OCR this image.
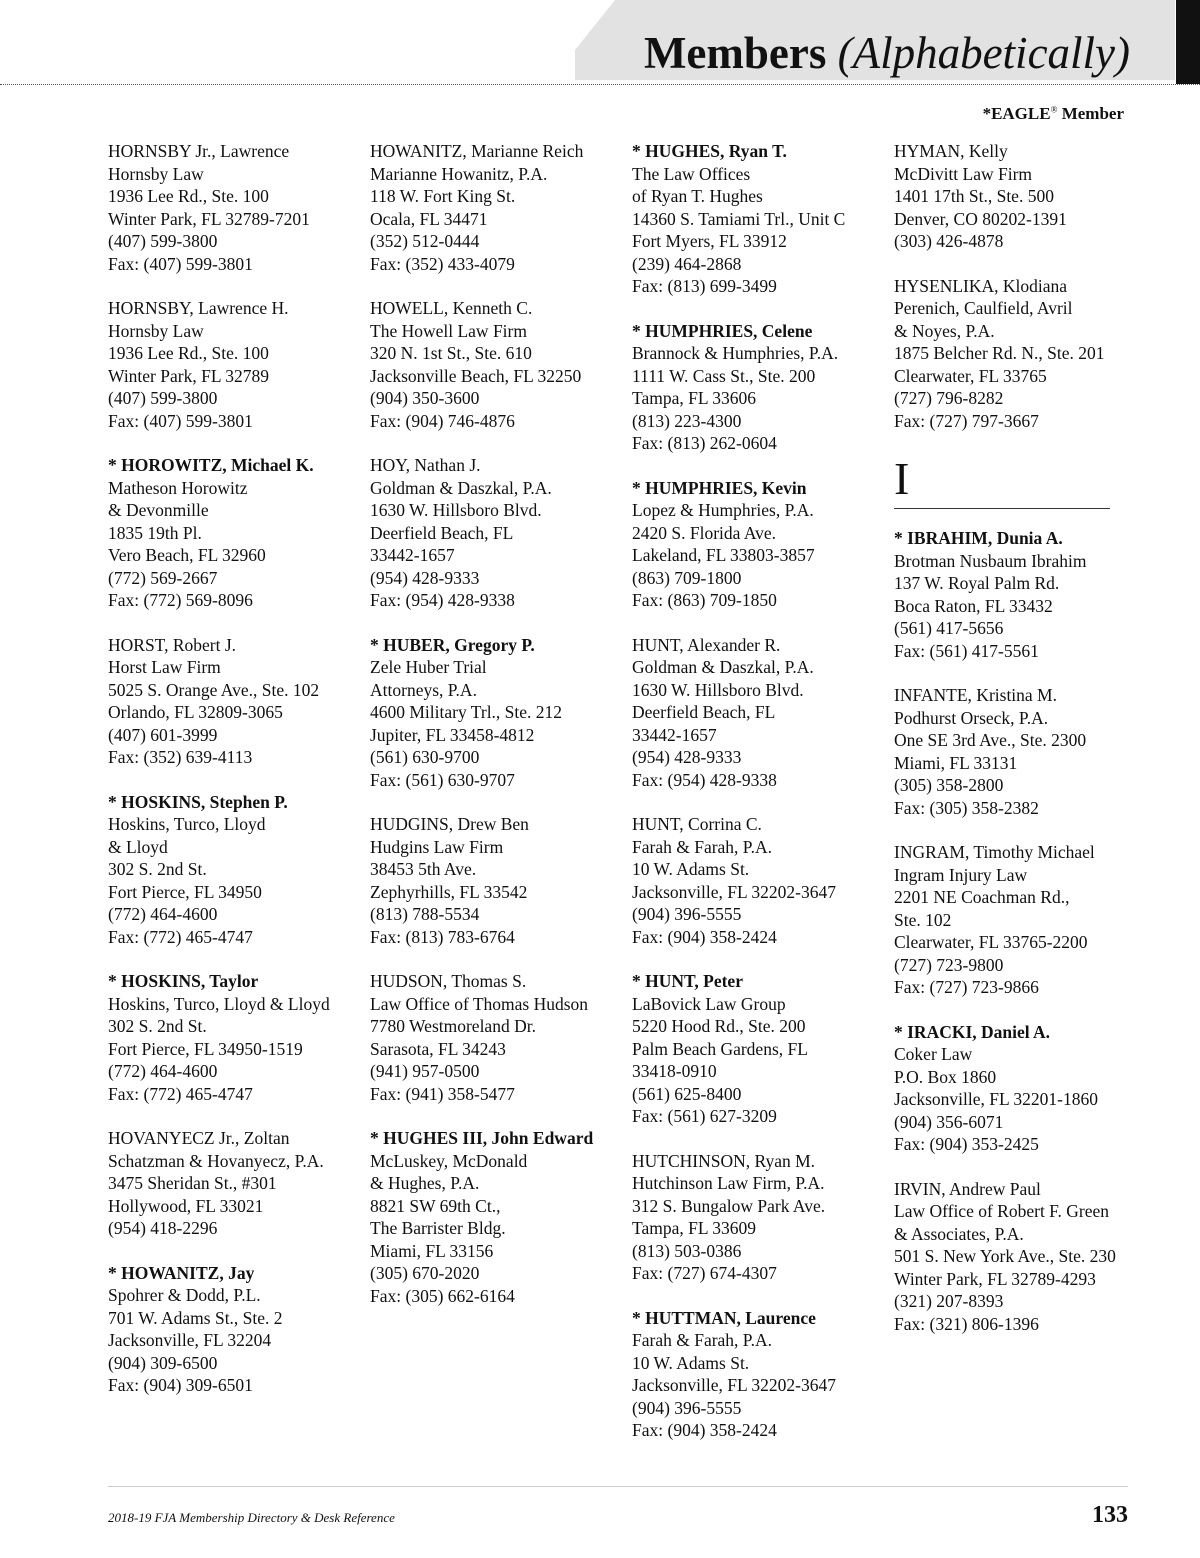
Members (Alphabetically)
*EAGLE® Member
HORNSBY Jr., Lawrence
Hornsby Law
1936 Lee Rd., Ste. 100
Winter Park, FL 32789-7201
(407) 599-3800
Fax: (407) 599-3801
HORNSBY, Lawrence H.
Hornsby Law
1936 Lee Rd., Ste. 100
Winter Park, FL 32789
(407) 599-3800
Fax: (407) 599-3801
* HOROWITZ, Michael K.
Matheson Horowitz
& Devonmille
1835 19th Pl.
Vero Beach, FL 32960
(772) 569-2667
Fax: (772) 569-8096
HORST, Robert J.
Horst Law Firm
5025 S. Orange Ave., Ste. 102
Orlando, FL 32809-3065
(407) 601-3999
Fax: (352) 639-4113
* HOSKINS, Stephen P.
Hoskins, Turco, Lloyd
& Lloyd
302 S. 2nd St.
Fort Pierce, FL 34950
(772) 464-4600
Fax: (772) 465-4747
* HOSKINS, Taylor
Hoskins, Turco, Lloyd & Lloyd
302 S. 2nd St.
Fort Pierce, FL 34950-1519
(772) 464-4600
Fax: (772) 465-4747
HOVANYECZ Jr., Zoltan
Schatzman & Hovanyecz, P.A.
3475 Sheridan St., #301
Hollywood, FL 33021
(954) 418-2296
* HOWANITZ, Jay
Spohrer & Dodd, P.L.
701 W. Adams St., Ste. 2
Jacksonville, FL 32204
(904) 309-6500
Fax: (904) 309-6501
HOWANITZ, Marianne Reich
Marianne Howanitz, P.A.
118 W. Fort King St.
Ocala, FL 34471
(352) 512-0444
Fax: (352) 433-4079
HOWELL, Kenneth C.
The Howell Law Firm
320 N. 1st St., Ste. 610
Jacksonville Beach, FL 32250
(904) 350-3600
Fax: (904) 746-4876
HOY, Nathan J.
Goldman & Daszkal, P.A.
1630 W. Hillsboro Blvd.
Deerfield Beach, FL
33442-1657
(954) 428-9333
Fax: (954) 428-9338
* HUBER, Gregory P.
Zele Huber Trial
Attorneys, P.A.
4600 Military Trl., Ste. 212
Jupiter, FL 33458-4812
(561) 630-9700
Fax: (561) 630-9707
HUDGINS, Drew Ben
Hudgins Law Firm
38453 5th Ave.
Zephyrhills, FL 33542
(813) 788-5534
Fax: (813) 783-6764
HUDSON, Thomas S.
Law Office of Thomas Hudson
7780 Westmoreland Dr.
Sarasota, FL 34243
(941) 957-0500
Fax: (941) 358-5477
* HUGHES III, John Edward
McLuskey, McDonald
& Hughes, P.A.
8821 SW 69th Ct.,
The Barrister Bldg.
Miami, FL 33156
(305) 670-2020
Fax: (305) 662-6164
* HUGHES, Ryan T.
The Law Offices
of Ryan T. Hughes
14360 S. Tamiami Trl., Unit C
Fort Myers, FL 33912
(239) 464-2868
Fax: (813) 699-3499
* HUMPHRIES, Celene
Brannock & Humphries, P.A.
1111 W. Cass St., Ste. 200
Tampa, FL 33606
(813) 223-4300
Fax: (813) 262-0604
* HUMPHRIES, Kevin
Lopez & Humphries, P.A.
2420 S. Florida Ave.
Lakeland, FL 33803-3857
(863) 709-1800
Fax: (863) 709-1850
HUNT, Alexander R.
Goldman & Daszkal, P.A.
1630 W. Hillsboro Blvd.
Deerfield Beach, FL
33442-1657
(954) 428-9333
Fax: (954) 428-9338
HUNT, Corrina C.
Farah & Farah, P.A.
10 W. Adams St.
Jacksonville, FL 32202-3647
(904) 396-5555
Fax: (904) 358-2424
* HUNT, Peter
LaBovick Law Group
5220 Hood Rd., Ste. 200
Palm Beach Gardens, FL
33418-0910
(561) 625-8400
Fax: (561) 627-3209
HUTCHINSON, Ryan M.
Hutchinson Law Firm, P.A.
312 S. Bungalow Park Ave.
Tampa, FL 33609
(813) 503-0386
Fax: (727) 674-4307
* HUTTMAN, Laurence
Farah & Farah, P.A.
10 W. Adams St.
Jacksonville, FL 32202-3647
(904) 396-5555
Fax: (904) 358-2424
HYMAN, Kelly
McDivitt Law Firm
1401 17th St., Ste. 500
Denver, CO 80202-1391
(303) 426-4878
HYSENLIKA, Klodiana
Perenich, Caulfield, Avril
& Noyes, P.A.
1875 Belcher Rd. N., Ste. 201
Clearwater, FL 33765
(727) 796-8282
Fax: (727) 797-3667
I
* IBRAHIM, Dunia A.
Brotman Nusbaum Ibrahim
137 W. Royal Palm Rd.
Boca Raton, FL 33432
(561) 417-5656
Fax: (561) 417-5561
INFANTE, Kristina M.
Podhurst Orseck, P.A.
One SE 3rd Ave., Ste. 2300
Miami, FL 33131
(305) 358-2800
Fax: (305) 358-2382
INGRAM, Timothy Michael
Ingram Injury Law
2201 NE Coachman Rd.,
Ste. 102
Clearwater, FL 33765-2200
(727) 723-9800
Fax: (727) 723-9866
* IRACKI, Daniel A.
Coker Law
P.O. Box 1860
Jacksonville, FL 32201-1860
(904) 356-6071
Fax: (904) 353-2425
IRVIN, Andrew Paul
Law Office of Robert F. Green
& Associates, P.A.
501 S. New York Ave., Ste. 230
Winter Park, FL 32789-4293
(321) 207-8393
Fax: (321) 806-1396
2018-19 FJA Membership Directory & Desk Reference	133
